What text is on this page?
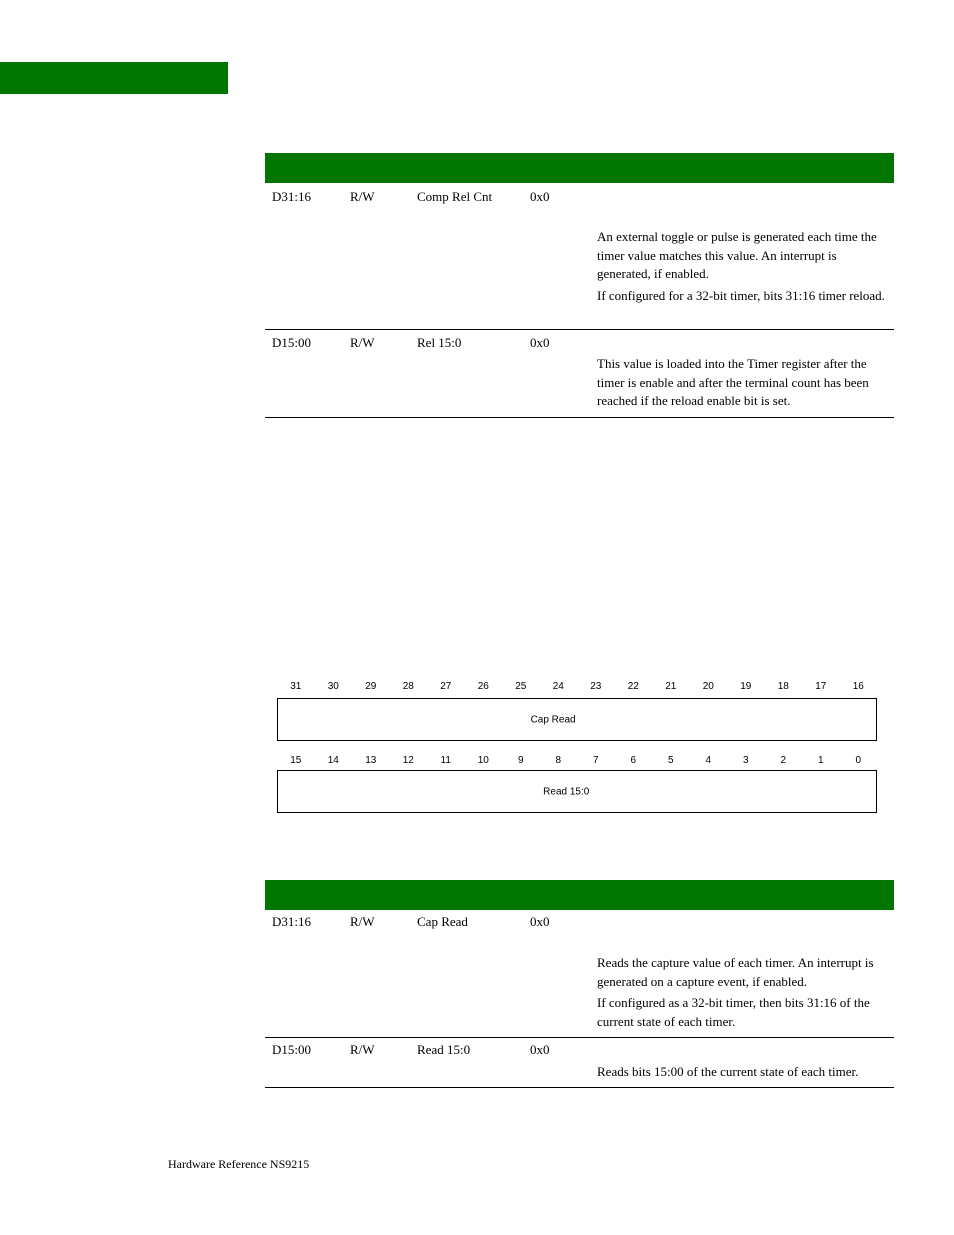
D31:16	R/W	Comp Rel Cnt	0x0

An external toggle or pulse is generated each time the timer value matches this value. An interrupt is generated, if enabled.

If configured for a 32-bit timer, bits 31:16 timer reload.

D15:00	R/W	Rel 15:0	0x0

This value is loaded into the Timer register after the timer is enable and after the terminal count has been reached if the reload enable bit is set.

31	30	29	28	27	26	25	24	23	22	21	20	19	18	17	16
Cap Read
15	14	13	12	11	10	9	8	7	6	5	4	3	2	1	0
Read 15:0
D31:16	R/W	Cap Read	0x0

Reads the capture value of each timer. An interrupt is generated on a capture event, if enabled.

If configured as a 32-bit timer, then bits 31:16 of the current state of each timer.

D15:00	R/W	Read 15:0	0x0

Reads bits 15:00 of the current state of each timer.

Hardware Reference NS9215
